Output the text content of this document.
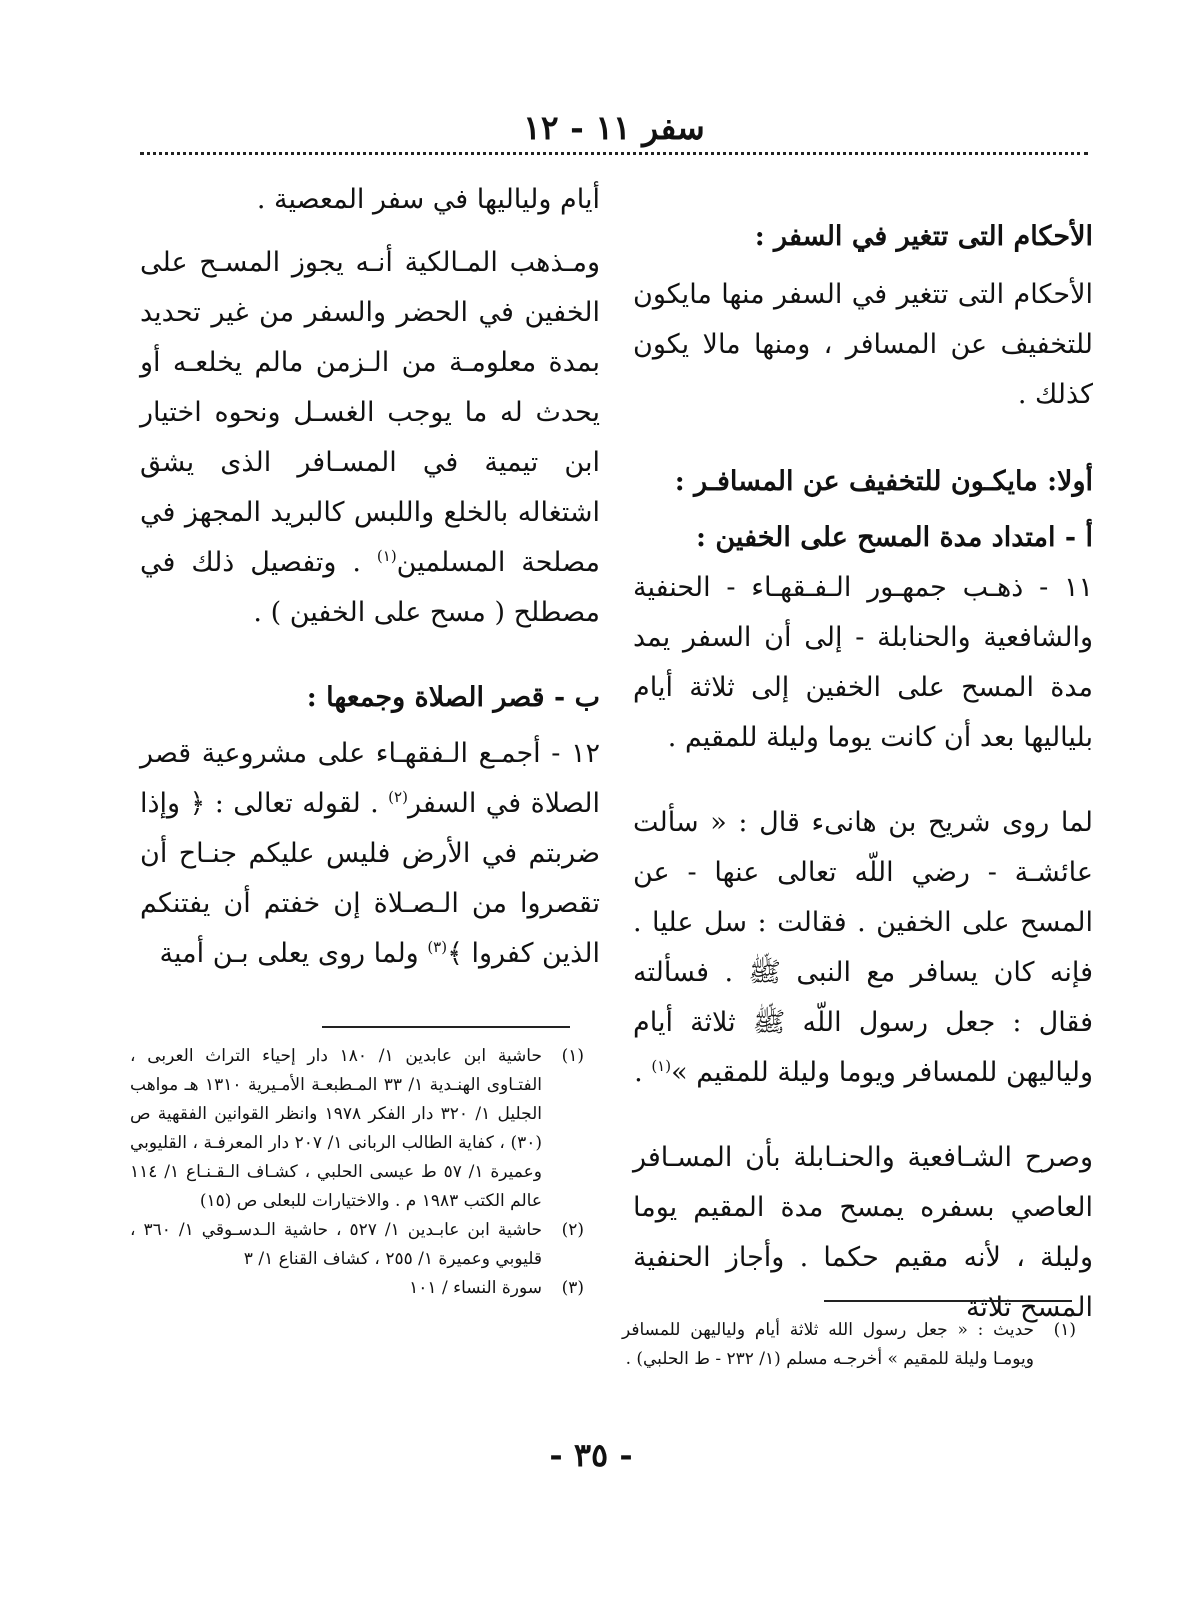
سفر ١١ - ١٢

الأحكام التى تتغير في السفر :

الأحكام التى تتغير في السفر منها مايكون للتخفيف عن المسافر ، ومنها مالا يكون كذلك .

أولا: مايكـون للتخفيف عن المسافـر :

أ - امتداد مدة المسح على الخفين :

١١ - ذهـب جمهـور الـفـقهـاء - الحنفية والشافعية والحنابلة - إلى أن السفر يمد مدة المسح على الخفين إلى ثلاثة أيام بلياليها بعد أن كانت يوما وليلة للمقيم .

لما روى شريح بن هانىء قال : « سألت عائشـة - رضي اللّه تعالى عنها - عن المسح على الخفين . فقالت : سل عليا . فإنه كان يسافر مع النبى ﷺ . فسألته فقال : جعل رسول اللّه ﷺ ثلاثة أيام ولياليهن للمسافر ويوما وليلة للمقيم »$^{(١)}$ .

وصرح الشـافعية والحنـابلة بأن المسـافر العاصي بسفره يمسح مدة المقيم يوما وليلة ، لأنه مقيم حكما . وأجاز الحنفية المسح ثلاثة

أيام ولياليها في سفر المعصية .

ومـذهب المـالكية أنـه يجوز المسـح على الخفين في الحضر والسفر من غير تحديد بمدة معلومـة من الـزمن مالم يخلعـه أو يحدث له ما يوجب الغسـل ونحوه اختيار ابن تيمية في المسـافر الذى يشق اشتغاله بالخلع واللبس كالبريد المجهز في مصلحة المسلمين$^{(١)}$ . وتفصيل ذلك في مصطلح ( مسح على الخفين ) .

ب - قصر الصلاة وجمعها :

١٢ - أجمـع الـفقهـاء على مشروعية قصر الصلاة في السفر$^{(٢)}$ . لقوله تعالى : ﴿ وإذا ضربتم في الأرض فليس عليكم جنـاح أن تقصروا من الـصـلاة إن خفتم أن يفتنكم الذين كفروا ﴾$^{(٣)}$ ولما روى يعلى بـن أمية

(١)
حاشية ابن عابدين ١/ ١٨٠ دار إحياء التراث العربى ، الفتـاوى الهنـدية ١/ ٣٣ المـطبعـة الأمـيرية ١٣١٠ هـ مواهب الجليل ١/ ٣٢٠ دار الفكر ١٩٧٨ وانظر القوانين الفقهية ص (٣٠) ، كفاية الطالب الربانى ١/ ٢٠٧ دار المعرفـة ، القليوبي وعميرة ١/ ٥٧ ط عيسى الحلبي ، كشـاف الـقـنـاع ١/ ١١٤ عالم الكتب ١٩٨٣ م . والاختيارات للبعلى ص (١٥)
(٢)
حاشية ابن عابـدين ١/ ٥٢٧ ، حاشية الـدسـوقي ١/ ٣٦٠ ، قليوبي وعميرة ١/ ٢٥٥ ، كشاف القناع ١/ ٣
(٣)
سورة النساء / ١٠١
(١)
حديث : « جعل رسول الله ثلاثة أيام ولياليهن للمسافر ويومـا وليلة للمقيم » أخرجـه مسلم (١/ ٢٣٢ - ط الحلبي) .
- ٣٥ -
